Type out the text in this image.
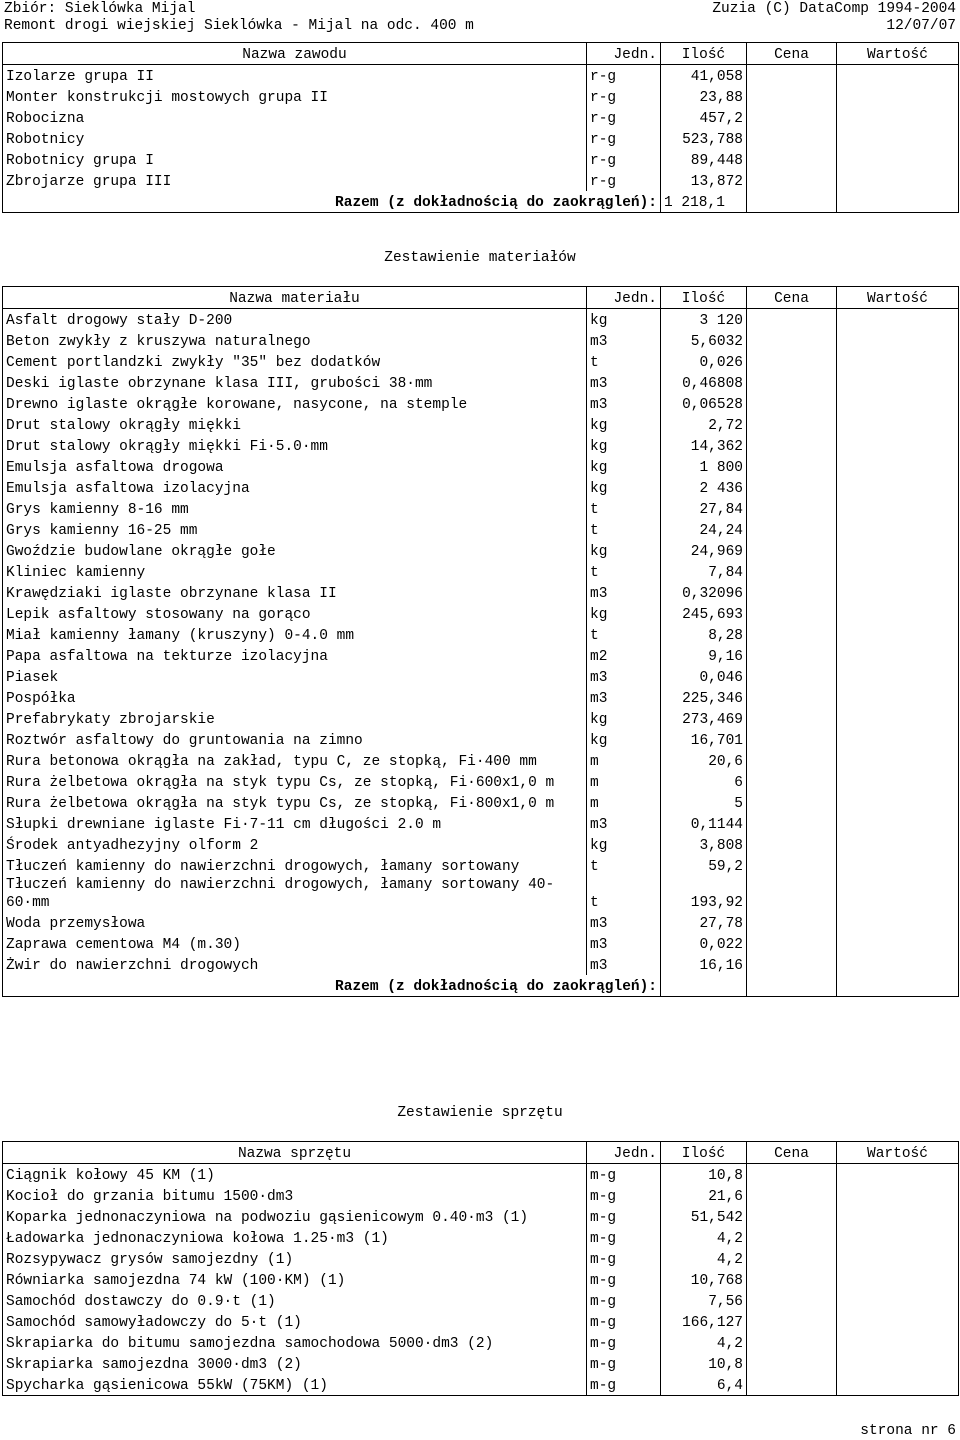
Zbiór: Sieklówka Mijal	Zuzia (C) DataComp 1994-2004
Remont drogi wiejskiej Sieklówka - Mijal na odc. 400 m	12/07/07
Nazwa zawodu	Jedn.	Ilość	Cena	Wartość
Izolarze grupa II	r-g	41,058		
Monter konstrukcji mostowych grupa II	r-g	23,88		
Robocizna	r-g	457,2		
Robotnicy	r-g	523,788		
Robotnicy grupa I	r-g	89,448		
Zbrojarze grupa III	r-g	13,872		
Razem (z dokładnością do zaokrągleń):		1 218,1		
Zestawienie materiałów
Nazwa materiału	Jedn.	Ilość	Cena	Wartość
Asfalt drogowy stały D-200	kg	3 120		
Beton zwykły z kruszywa naturalnego	m3	5,6032		
Cement portlandzki zwykły "35" bez dodatków	t	0,026		
Deski iglaste obrzynane klasa III, grubości 38·mm	m3	0,46808		
Drewno iglaste okrągłe korowane, nasycone, na stemple	m3	0,06528		
Drut stalowy okrągły miękki	kg	2,72		
Drut stalowy okrągły miękki Fi·5.0·mm	kg	14,362		
Emulsja asfaltowa drogowa	kg	1 800		
Emulsja asfaltowa izolacyjna	kg	2 436		
Grys kamienny 8-16 mm	t	27,84		
Grys kamienny 16-25 mm	t	24,24		
Gwoździe budowlane okrągłe gołe	kg	24,969		
Kliniec kamienny	t	7,84		
Krawędziaki iglaste obrzynane klasa II	m3	0,32096		
Lepik asfaltowy stosowany na gorąco	kg	245,693		
Miał kamienny łamany (kruszyny) 0-4.0 mm	t	8,28		
Papa asfaltowa na tekturze izolacyjna	m2	9,16		
Piasek	m3	0,046		
Pospółka	m3	225,346		
Prefabrykaty zbrojarskie	kg	273,469		
Roztwór asfaltowy do gruntowania na zimno	kg	16,701		
Rura betonowa okrągła na zakład, typu C, ze stopką, Fi·400 mm	m	20,6		
Rura żelbetowa okrągła na styk typu Cs, ze stopką, Fi·600x1,0 m	m	6		
Rura żelbetowa okrągła na styk typu Cs, ze stopką, Fi·800x1,0 m	m	5		
Słupki drewniane iglaste Fi·7-11 cm długości 2.0 m	m3	0,1144		
Środek antyadhezyjny olform 2	kg	3,808		
Tłuczeń kamienny do nawierzchni drogowych, łamany sortowany	t	59,2		
Tłuczeń kamienny do nawierzchni drogowych, łamany sortowany 40-60·mm	t	193,92		
Woda przemysłowa	m3	27,78		
Zaprawa cementowa M4 (m.30)	m3	0,022		
Żwir do nawierzchni drogowych	m3	16,16		
Razem (z dokładnością do zaokrągleń):				
Zestawienie sprzętu
Nazwa sprzętu	Jedn.	Ilość	Cena	Wartość
Ciągnik kołowy 45 KM (1)	m-g	10,8		
Kocioł do grzania bitumu 1500·dm3	m-g	21,6		
Koparka jednonaczyniowa na podwoziu gąsienicowym 0.40·m3 (1)	m-g	51,542		
Ładowarka jednonaczyniowa kołowa 1.25·m3 (1)	m-g	4,2		
Rozsypywacz grysów samojezdny (1)	m-g	4,2		
Równiarka samojezdna 74 kW (100·KM) (1)	m-g	10,768		
Samochód dostawczy do 0.9·t (1)	m-g	7,56		
Samochód samowyładowczy do 5·t (1)	m-g	166,127		
Skrapiarka do bitumu samojezdna samochodowa 5000·dm3 (2)	m-g	4,2		
Skrapiarka samojezdna 3000·dm3 (2)	m-g	10,8		
Spycharka gąsienicowa 55kW (75KM) (1)	m-g	6,4		
strona nr 6
